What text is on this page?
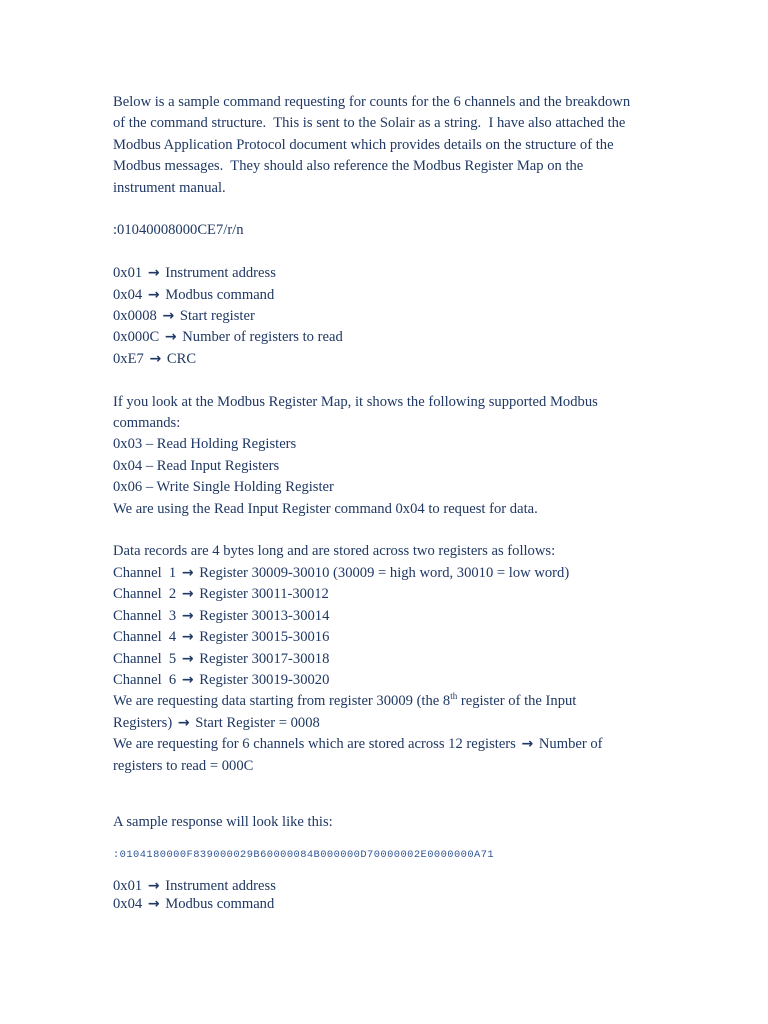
Below is a sample command requesting for counts for the 6 channels and the breakdown
of the command structure.  This is sent to the Solair as a string.  I have also attached the
Modbus Application Protocol document which provides details on the structure of the
Modbus messages.  They should also reference the Modbus Register Map on the
instrument manual.
:01040008000CE7/r/n
0x01 → Instrument address
0x04 → Modbus command
0x0008 → Start register
0x000C → Number of registers to read
0xE7 → CRC
If you look at the Modbus Register Map, it shows the following supported Modbus
commands:
0x03 – Read Holding Registers
0x04 – Read Input Registers
0x06 – Write Single Holding Register
We are using the Read Input Register command 0x04 to request for data.
Data records are 4 bytes long and are stored across two registers as follows:
Channel  1 → Register 30009-30010 (30009 = high word, 30010 = low word)
Channel  2 → Register 30011-30012
Channel  3 → Register 30013-30014
Channel  4 → Register 30015-30016
Channel  5 → Register 30017-30018
Channel  6 → Register 30019-30020
We are requesting data starting from register 30009 (the 8th register of the Input
Registers) → Start Register = 0008
We are requesting for 6 channels which are stored across 12 registers → Number of
registers to read = 000C
A sample response will look like this:
:0104180000F839000029B60000084B000000D70000002E0000000A71
0x01 → Instrument address
0x04 → Modbus command
